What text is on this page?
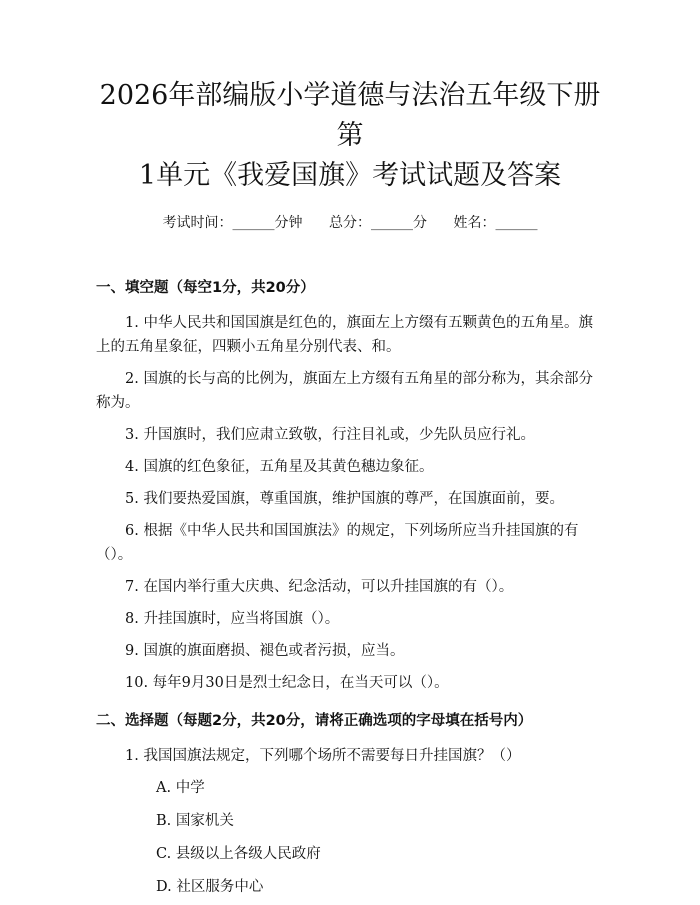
2026年部编版小学道德与法治五年级下册第
1单元《我爱国旗》考试试题及答案
考试时间：______分钟 总分：______分 姓名：______

一、填空题（每空1分，共20分）

1. 中华人民共和国国旗是红色的，旗面左上方缀有五颗黄色的五角星。旗上的五角星象征，四颗小五角星分别代表、和。

2. 国旗的长与高的比例为，旗面左上方缀有五角星的部分称为，其余部分称为。

3. 升国旗时，我们应肃立致敬，行注目礼或，少先队员应行礼。

4. 国旗的红色象征，五角星及其黄色穗边象征。

5. 我们要热爱国旗，尊重国旗，维护国旗的尊严，在国旗面前，要。

6. 根据《中华人民共和国国旗法》的规定，下列场所应当升挂国旗的有（）。

7. 在国内举行重大庆典、纪念活动，可以升挂国旗的有（）。

8. 升挂国旗时，应当将国旗（）。

9. 国旗的旗面磨损、褪色或者污损，应当。

10. 每年9月30日是烈士纪念日，在当天可以（）。

二、选择题（每题2分，共20分，请将正确选项的字母填在括号内）

1. 我国国旗法规定，下列哪个场所不需要每日升挂国旗？（）

A. 中学

B. 国家机关

C. 县级以上各级人民政府

D. 社区服务中心
